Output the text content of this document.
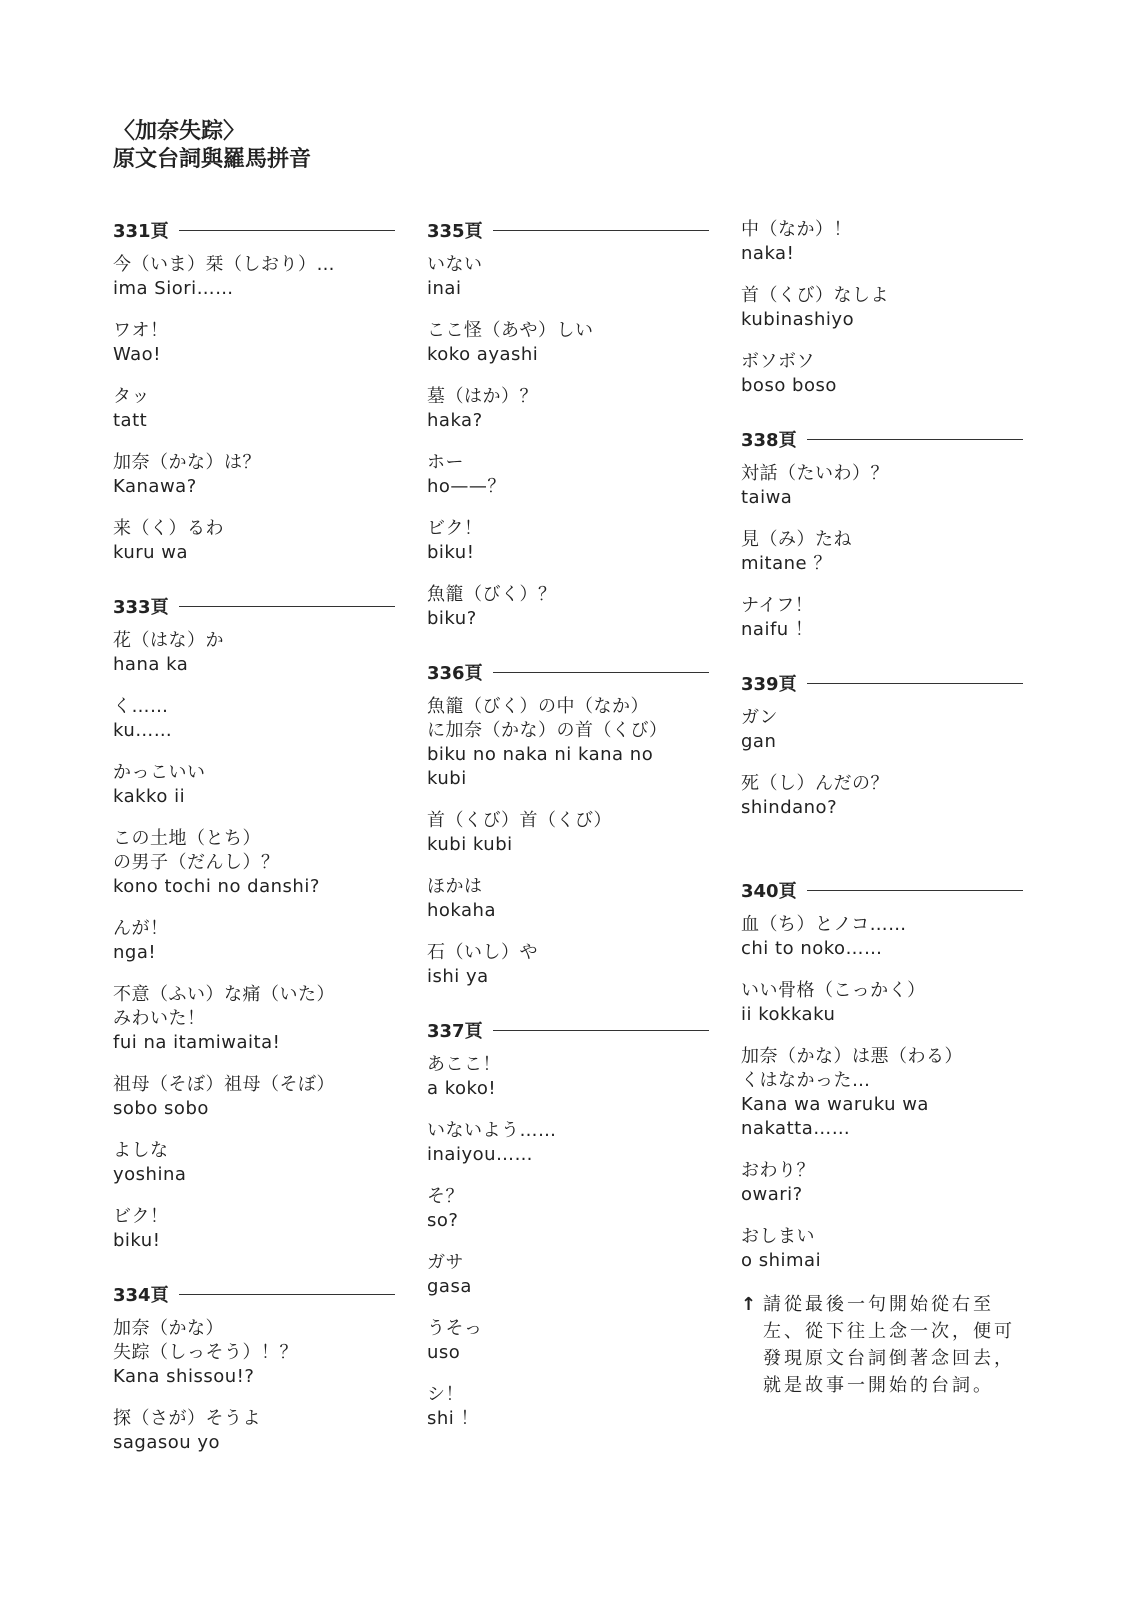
〈加奈失踪〉
原文台詞與羅馬拼音
331頁
今（いま）栞（しおり）…
ima Siori……
ワオ！
Wao!
タッ
tatt
加奈（かな）は？
Kanawa?
来（く）るわ
kuru wa
333頁
花（はな）か
hana ka
く……
ku……
かっこいい
kakko ii
この土地（とち）
の男子（だんし）？
kono tochi no danshi?
んが！
nga!
不意（ふい）な痛（いた）
みわいた！
fui na itamiwaita!
祖母（そぼ）祖母（そぼ）
sobo sobo
よしな
yoshina
ビク！
biku!
334頁
加奈（かな）
失踪（しっそう）！？
Kana shissou!?
探（さが）そうよ
sagasou yo
335頁
いない
inai
ここ怪（あや）しい
koko ayashi
墓（はか）？
haka?
ホー
ho——？
ビク！
biku!
魚籠（びく）？
biku?
336頁
魚籠（びく）の中（なか）
に加奈（かな）の首（くび）
biku no naka ni kana no
kubi
首（くび）首（くび）
kubi kubi
ほかは
hokaha
石（いし）や
ishi ya
337頁
あここ！
a koko!
いないよう……
inaiyou……
そ？
so?
ガサ
gasa
うそっ
uso
シ！
shi ！
中（なか）！
naka!
首（くび）なしよ
kubinashiyo
ボソボソ
boso boso
338頁
対話（たいわ）？
taiwa
見（み）たね
mitane ？
ナイフ！
naifu ！
339頁
ガン
gan
死（し）んだの？
shindano?
340頁
血（ち）とノコ……
chi to noko……
いい骨格（こっかく）
ii kokkaku
加奈（かな）は悪（わる）
くはなかった…
Kana wa waruku wa
nakatta……
おわり？
owari?
おしまい
o shimai
↑ 請從最後一句開始從右至
左、從下往上念一次，便可
發現原文台詞倒著念回去，
就是故事一開始的台詞。
